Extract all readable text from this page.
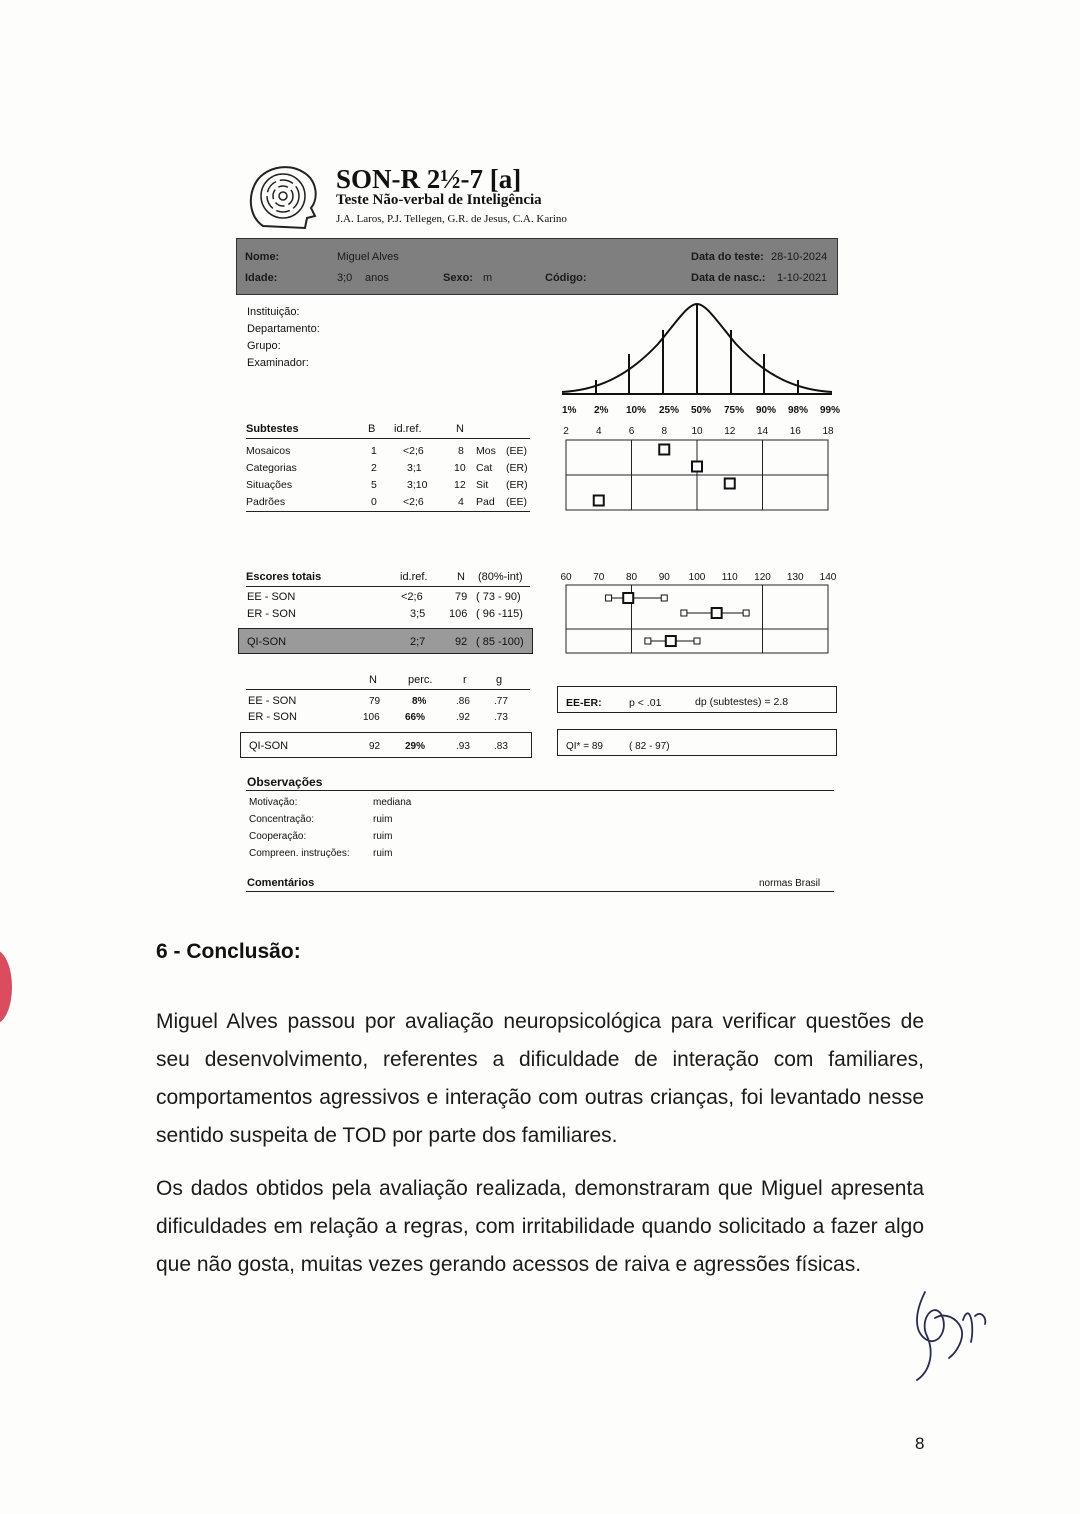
SON-R 2½-7 [a]
Teste Não-verbal de Inteligência
J.A. Laros, P.J. Tellegen, G.R. de Jesus, C.A. Karino
Nome:	Miguel Alves
Idade:	3;0 anos	Sexo: m	Código:
Data do teste: 28-10-2024
Data de nasc.: 1-10-2021
Instituição:
Departamento:
Grupo:
Examinador:
1% 2% 10% 25% 50% 75% 90% 98% 99%
Subtestes	B id.ref.	N
Mosaicos	1 <2;6	8 Mos (EE)
Categorias	2	3;1	10 Cat (ER)
Situações	5	3;10	12 Sit (ER)
Padrões	0 <2;6	4 Pad (EE)
2	4	6	8 10 12 14 16 18
Escores totais	id.ref.	N (80%-int)
EE - SON	<2;6	79 ( 73 - 90)
ER - SON	3;5 106 ( 96 -115)
QI-SON	2;7	92 ( 85 -100)
60 70 80 90 100 110 120 130 140
N	perc.	r	g
EE - SON	79	8%	.86 .77
ER - SON	106	66%	.92 .73
QI-SON	92 29%	.93 .83
EE-ER:	p < .01	dp (subtestes) = 2.8
QI* = 89	( 82 - 97)
Observações
Motivação:	mediana
Concentração:	ruim
Cooperação:	ruim
Compreen. instruções: ruim
Comentários	normas Brasil
6 - Conclusão:

Miguel Alves passou por avaliação neuropsicológica para verificar questões de seu desenvolvimento, referentes a dificuldade de interação com familiares, comportamentos agressivos e interação com outras crianças, foi levantado nesse sentido suspeita de TOD por parte dos familiares.

Os dados obtidos pela avaliação realizada, demonstraram que Miguel apresenta dificuldades em relação a regras, com irritabilidade quando solicitado a fazer algo que não gosta, muitas vezes gerando acessos de raiva e agressões físicas.

8
